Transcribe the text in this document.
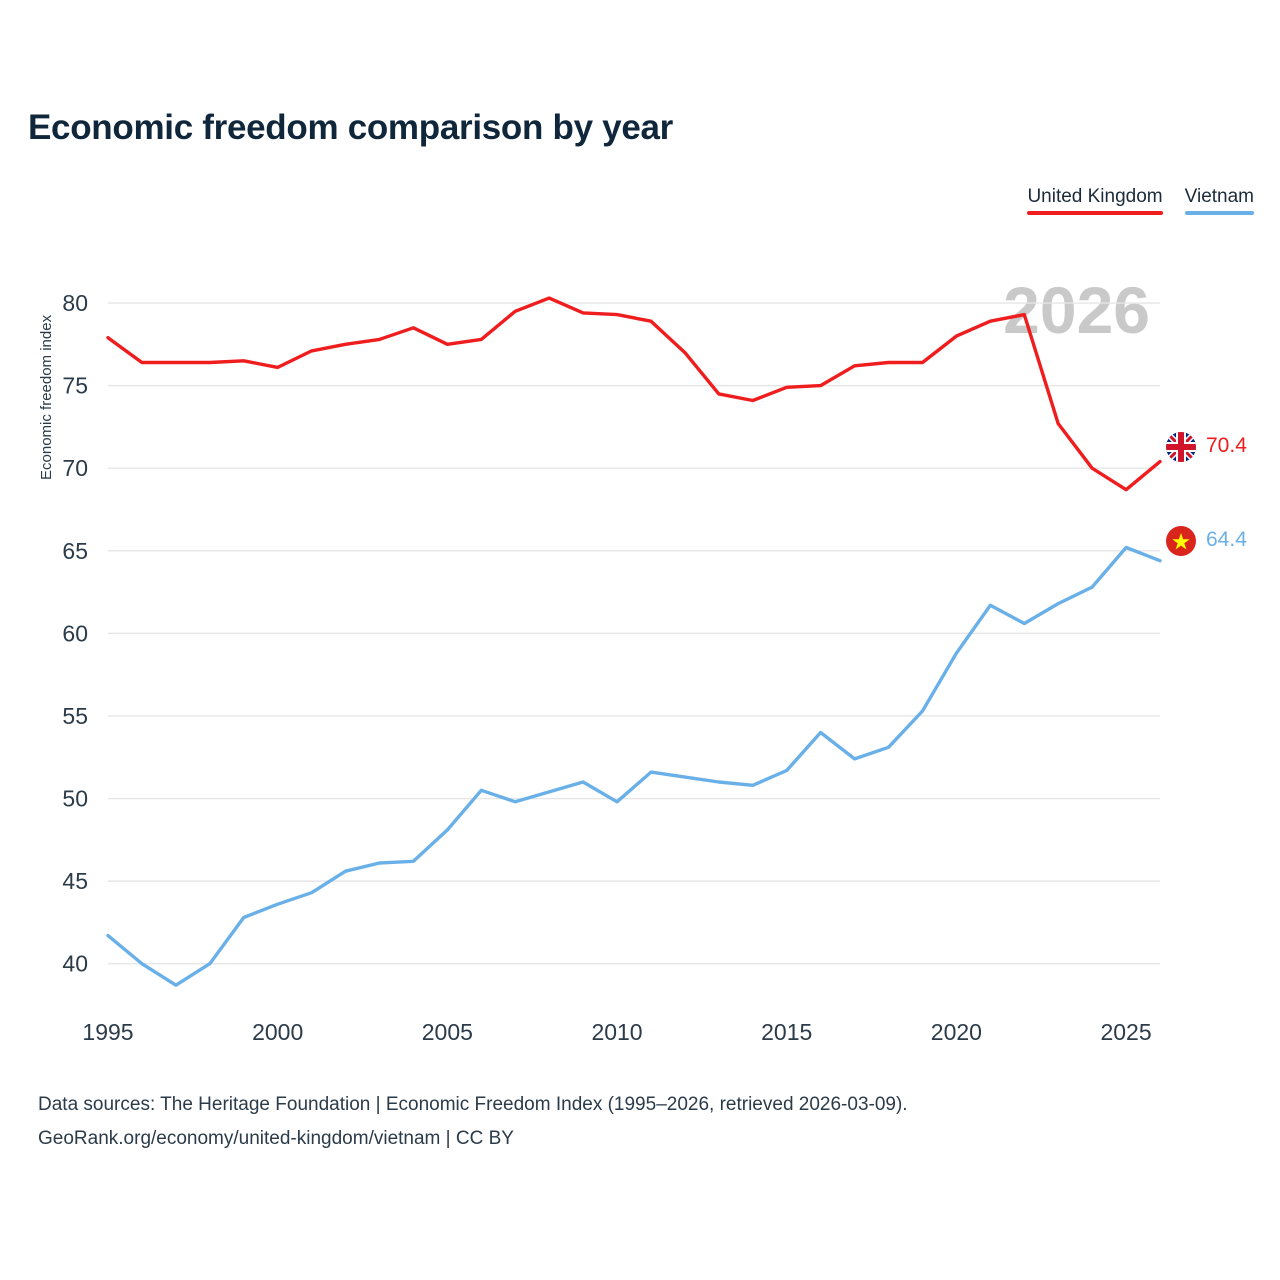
Economic freedom comparison by year
United Kingdom Vietnam
2026
Economic freedom index
40
45
50
55
60
65
70
75
80
1995	2000	2005	2010	2015	2020	2025
70.4
64.4
Data sources: The Heritage Foundation | Economic Freedom Index (1995–2026, retrieved 2026-03-09).
GeoRank.org/economy/united-kingdom/vietnam | CC BY
